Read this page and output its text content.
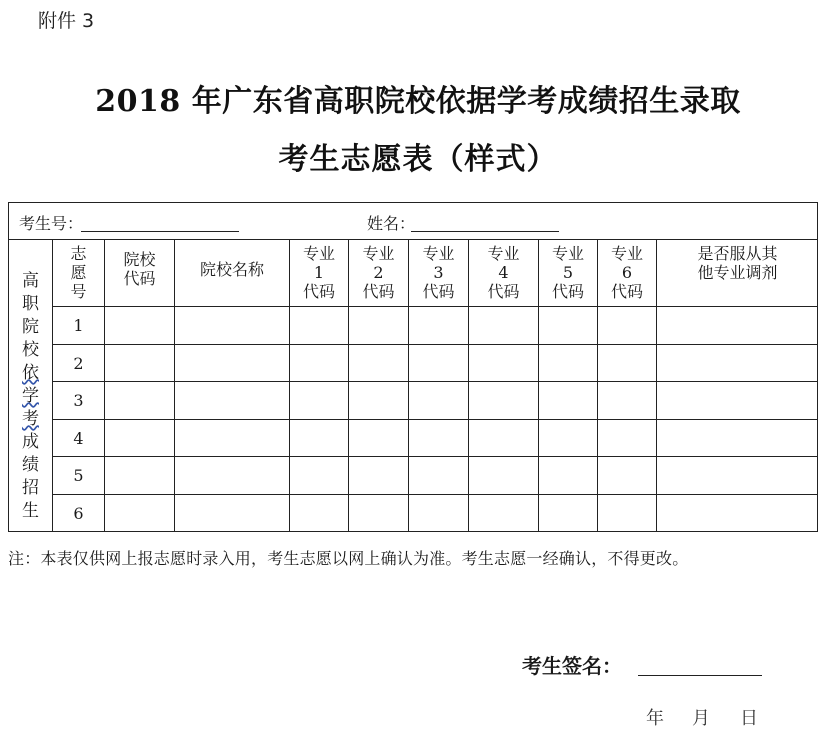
附件 3
2018 年广东省高职院校依据学考成绩招生录取
考生志愿表（样式）
考生号：	姓名：
高
职
院
校
依
学
考
成
绩
招
生
志
愿
号
院校
代码	院校名称
专业
1
代码
专业
2
代码
专业
3
代码
专业
4
代码
专业
5
代码
专业
6
代码
是否服从其
他专业调剂
1
2
3
4
5
6
注：本表仅供网上报志愿时录入用，考生志愿以网上确认为准。考生志愿一经确认，不得更改。
考生签名：
年 月 日
